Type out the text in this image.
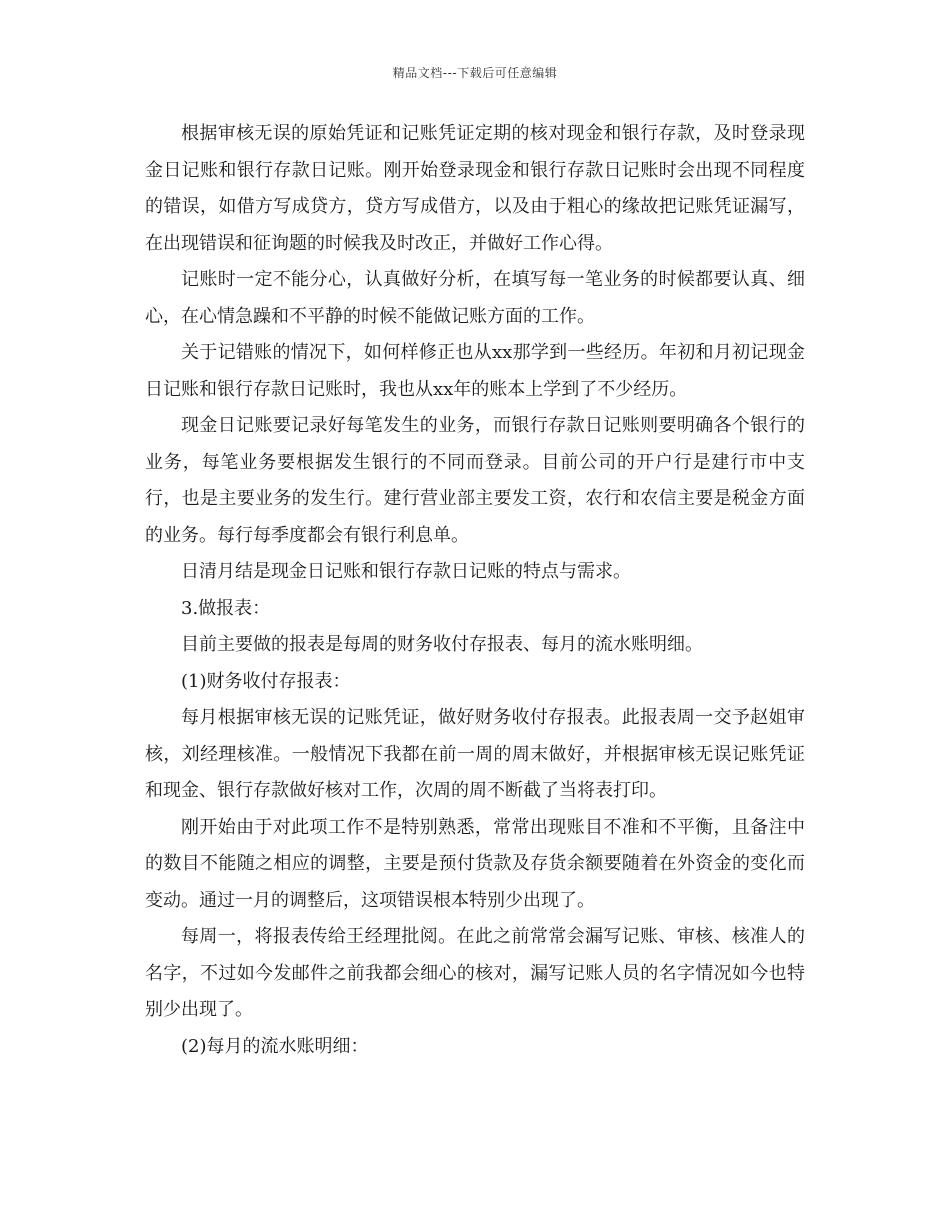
精品文档---下载后可任意编辑

根据审核无误的原始凭证和记账凭证定期的核对现金和银行存款，及时登录现金日记账和银行存款日记账。刚开始登录现金和银行存款日记账时会出现不同程度的错误，如借方写成贷方，贷方写成借方，以及由于粗心的缘故把记账凭证漏写，在出现错误和征询题的时候我及时改正，并做好工作心得。

记账时一定不能分心，认真做好分析，在填写每一笔业务的时候都要认真、细心，在心情急躁和不平静的时候不能做记账方面的工作。

关于记错账的情况下，如何样修正也从xx那学到一些经历。年初和月初记现金日记账和银行存款日记账时，我也从xx年的账本上学到了不少经历。

现金日记账要记录好每笔发生的业务，而银行存款日记账则要明确各个银行的业务，每笔业务要根据发生银行的不同而登录。目前公司的开户行是建行市中支行，也是主要业务的发生行。建行营业部主要发工资，农行和农信主要是税金方面的业务。每行每季度都会有银行利息单。

日清月结是现金日记账和银行存款日记账的特点与需求。

3.做报表：

目前主要做的报表是每周的财务收付存报表、每月的流水账明细。

(1)财务收付存报表：

每月根据审核无误的记账凭证，做好财务收付存报表。此报表周一交予赵姐审核，刘经理核准。一般情况下我都在前一周的周末做好，并根据审核无误记账凭证和现金、银行存款做好核对工作，次周的周不断截了当将表打印。

刚开始由于对此项工作不是特别熟悉，常常出现账目不准和不平衡，且备注中的数目不能随之相应的调整，主要是预付货款及存货余额要随着在外资金的变化而变动。通过一月的调整后，这项错误根本特别少出现了。

每周一，将报表传给王经理批阅。在此之前常常会漏写记账、审核、核准人的名字，不过如今发邮件之前我都会细心的核对，漏写记账人员的名字情况如今也特别少出现了。

(2)每月的流水账明细：
